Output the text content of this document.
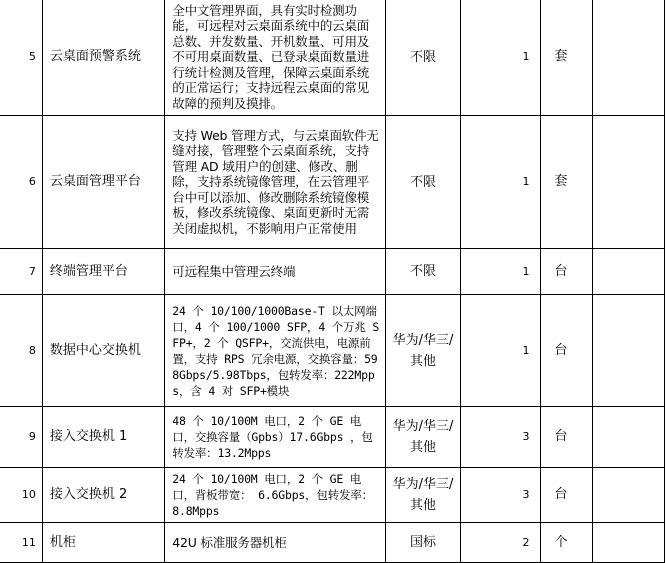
5	云桌面预警系统	全中文管理界面，具有实时检测功能，可远程对云桌面系统中的云桌面总数、并发数量、开机数量、可用及不可用桌面数量、已登录桌面数量进行统计检测及管理，保障云桌面系统的正常运行；支持远程云桌面的常见故障的预判及摸排。	不限	1	套	
6	云桌面管理平台	支持 Web 管理方式，与云桌面软件无缝对接，管理整个云桌面系统，支持管理 AD 域用户的创建、修改、删除，支持系统镜像管理，在云管理平台中可以添加、修改删除系统镜像模板，修改系统镜像、桌面更新时无需关闭虚拟机，不影响用户正常使用	不限	1	套	
7	终端管理平台	可远程集中管理云终端	不限	1	台	
8	数据中心交换机	24 个 10/100/1000Base-T 以太网端口，4 个 100/1000 SFP，4 个万兆 SFP+，2 个 QSFP+，交流供电，电源前置，支持 RPS 冗余电源，交换容量：598Gbps/5.98Tbps，包转发率：222Mpps，含 4 对 SFP+模块	华为/华三/其他	1	台	
9	接入交换机 1	48 个 10/100M 电口，2 个 GE 电口，交换容量（Gpbs）17.6Gbps ，包转发率：13.2Mpps	华为/华三/其他	3	台	
10	接入交换机 2	24 个 10/100M 电口，2 个 GE 电口，背板带宽： 6.6Gbps，包转发率：8.8Mpps	华为/华三/其他	3	台	
11	机柜	42U 标准服务器机柜	国标	2	个	
